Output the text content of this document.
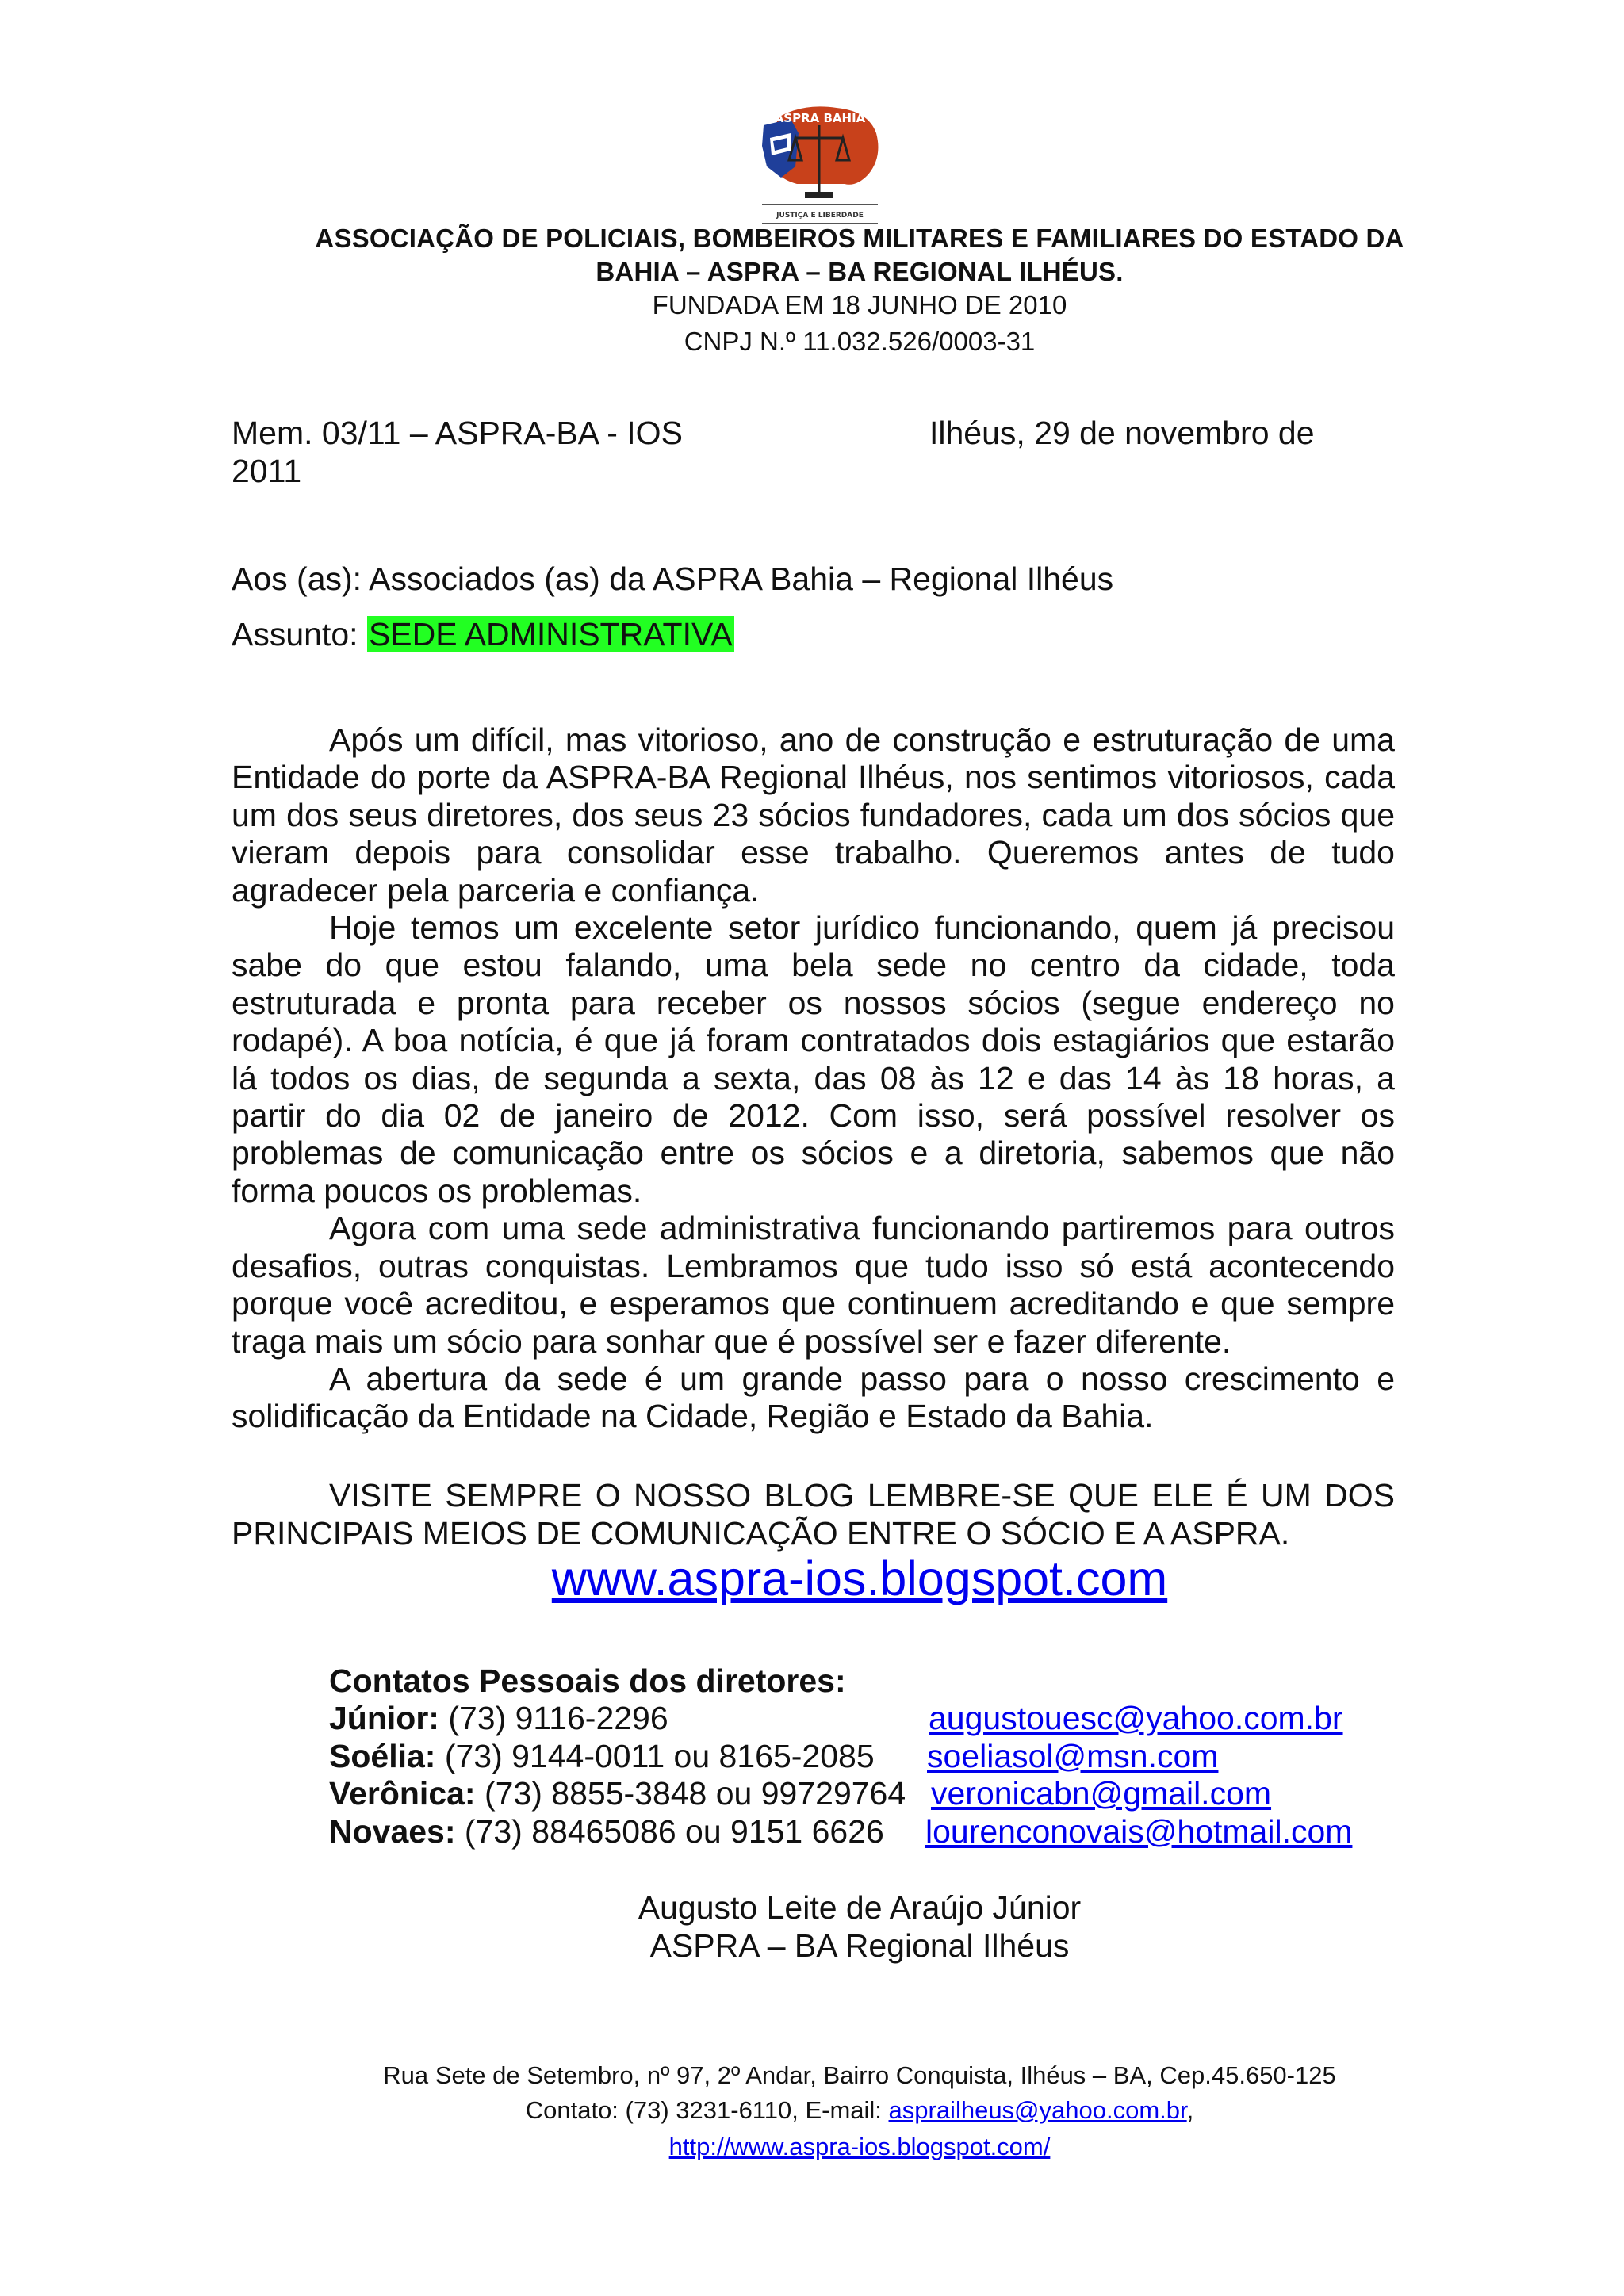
ASPRA BAHIA
JUSTIÇA E LIBERDADE
ASSOCIAÇÃO DE POLICIAIS, BOMBEIROS MILITARES E FAMILIARES DO ESTADO DA
BAHIA – ASPRA – BA REGIONAL ILHÉUS.
FUNDADA EM 18 JUNHO DE 2010
CNPJ N.º 11.032.526/0003-31
Mem. 03/11 – ASPRA-BA - IOS	Ilhéus, 29 de novembro de
2011
Aos (as): Associados (as) da ASPRA Bahia – Regional Ilhéus
Assunto: SEDE ADMINISTRATIVA

Após um difícil, mas vitorioso, ano de construção e estruturação de uma Entidade do porte da ASPRA-BA Regional Ilhéus, nos sentimos vitoriosos, cada um dos seus diretores, dos seus 23 sócios fundadores, cada um dos sócios que vieram depois para consolidar esse trabalho. Queremos antes de tudo agradecer pela parceria e confiança.

Hoje temos um excelente setor jurídico funcionando, quem já precisou sabe do que estou falando, uma bela sede no centro da cidade, toda estruturada e pronta para receber os nossos sócios (segue endereço no rodapé). A boa notícia, é que já foram contratados dois estagiários que estarão lá todos os dias, de segunda a sexta, das 08 às 12 e das 14 às 18 horas, a partir do dia 02 de janeiro de 2012. Com isso, será possível resolver os problemas de comunicação entre os sócios e a diretoria, sabemos que não forma poucos os problemas.

Agora com uma sede administrativa funcionando partiremos para outros desafios, outras conquistas. Lembramos que tudo isso só está acontecendo porque você acreditou, e esperamos que continuem acreditando e que sempre traga mais um sócio para sonhar que é possível ser e fazer diferente.

A abertura da sede é um grande passo para o nosso crescimento e solidificação da Entidade na Cidade, Região e Estado da Bahia.

VISITE SEMPRE O NOSSO BLOG LEMBRE-SE QUE ELE É UM DOS
PRINCIPAIS MEIOS DE COMUNICAÇÃO ENTRE O SÓCIO E A ASPRA.
www.aspra-ios.blogspot.com
Contatos Pessoais dos diretores:
Júnior: (73) 9116-2296	augustouesc@yahoo.com.br
Soélia: (73) 9144-0011 ou 8165-2085 soeliasol@msn.com
Verônica: (73) 8855-3848 ou 99729764 veronicabn@gmail.com
Novaes: (73) 88465086 ou 9151 6626 lourenconovais@hotmail.com
Augusto Leite de Araújo Júnior
ASPRA – BA Regional Ilhéus
Rua Sete de Setembro, nº 97, 2º Andar, Bairro Conquista, Ilhéus – BA, Cep.45.650-125
Contato: (73) 3231-6110, E-mail: asprailheus@yahoo.com.br,
http://www.aspra-ios.blogspot.com/
